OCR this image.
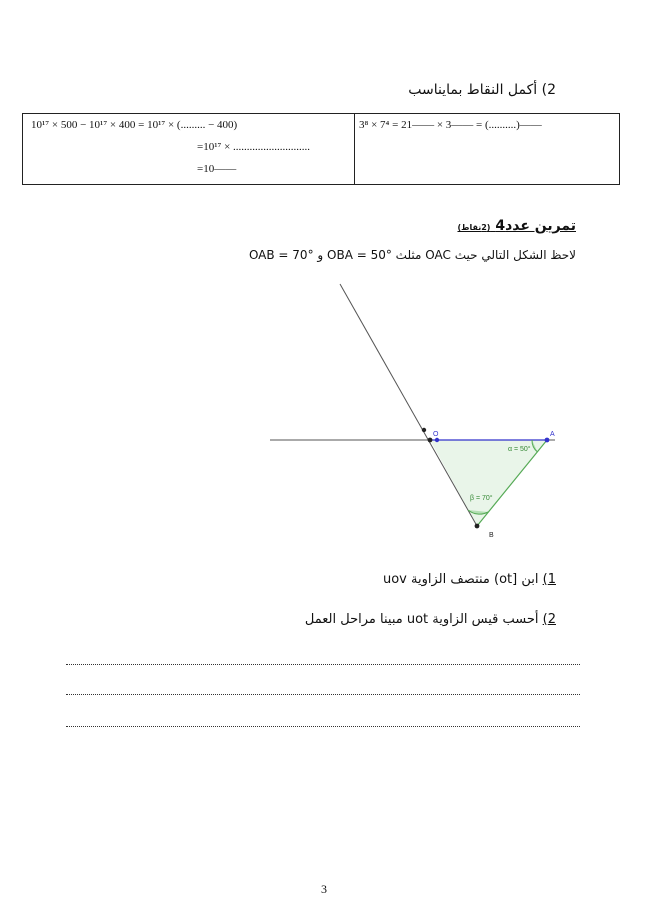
2) أكمل النقاط بمايناسب
10¹⁷ × 500 − 10¹⁷ × 400 = 10¹⁷ × (......... − 400)
=10¹⁷ × ............................
=10——
3⁸ × 7⁴ = 21—— × 3—— = (..........)——
تمرين عدد4 (2نقاط)
لاحظ الشكل التالي حيث OAC مثلث OBA = 50° و OAB = 70°
O	A
B
α = 50°
β = 70°
1) ابن [ot) منتصف الزاوية uov
2) أحسب قيس الزاوية uot مبينا مراحل العمل
3
